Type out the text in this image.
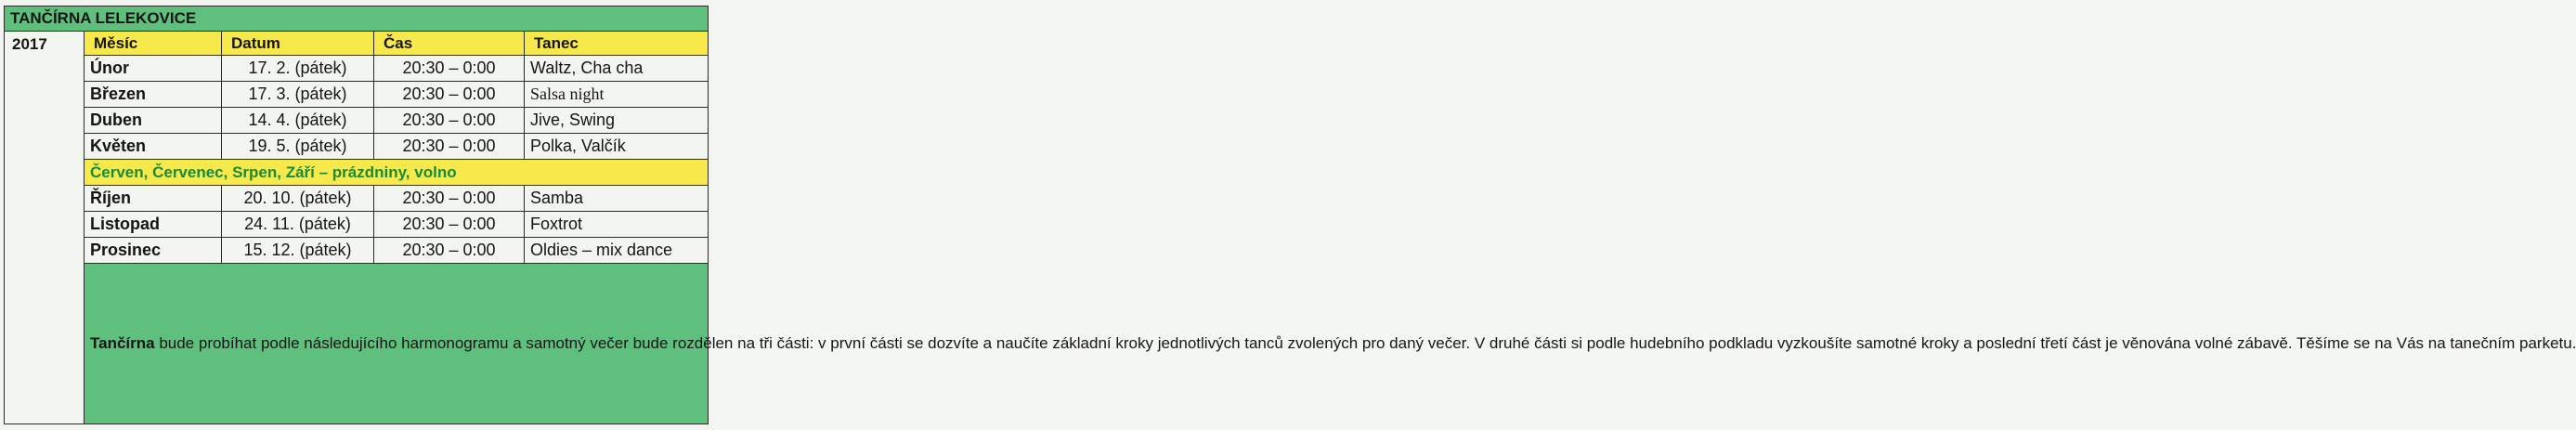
TANČÍRNA LELEKOVICE				
2017	Měsíc	Datum	Čas	Tanec
	Únor	17. 2. (pátek)	20:30 – 0:00	Waltz, Cha cha
	Březen	17. 3. (pátek)	20:30 – 0:00	Salsa night
	Duben	14. 4. (pátek)	20:30 – 0:00	Jive, Swing
	Květen	19. 5. (pátek)	20:30 – 0:00	Polka, Valčík
	Červen, Červenec, Srpen, Září – prázdniny, volno			
	Říjen	20. 10. (pátek)	20:30 – 0:00	Samba
	Listopad	24. 11. (pátek)	20:30 – 0:00	Foxtrot
	Prosinec	15. 12. (pátek)	20:30 – 0:00	Oldies – mix dance
	Tančírna bude probíhat podle následujícího harmonogramu a samotný večer bude rozdělen na tři části: v první části se dozvíte a naučíte základní kroky jednotlivých tanců zvolených pro daný večer. V druhé části si podle hudebního podkladu vyzkoušíte samotné kroky a poslední třetí část je věnována volné zábavě. Těšíme se na Vás na tanečním parketu.			
